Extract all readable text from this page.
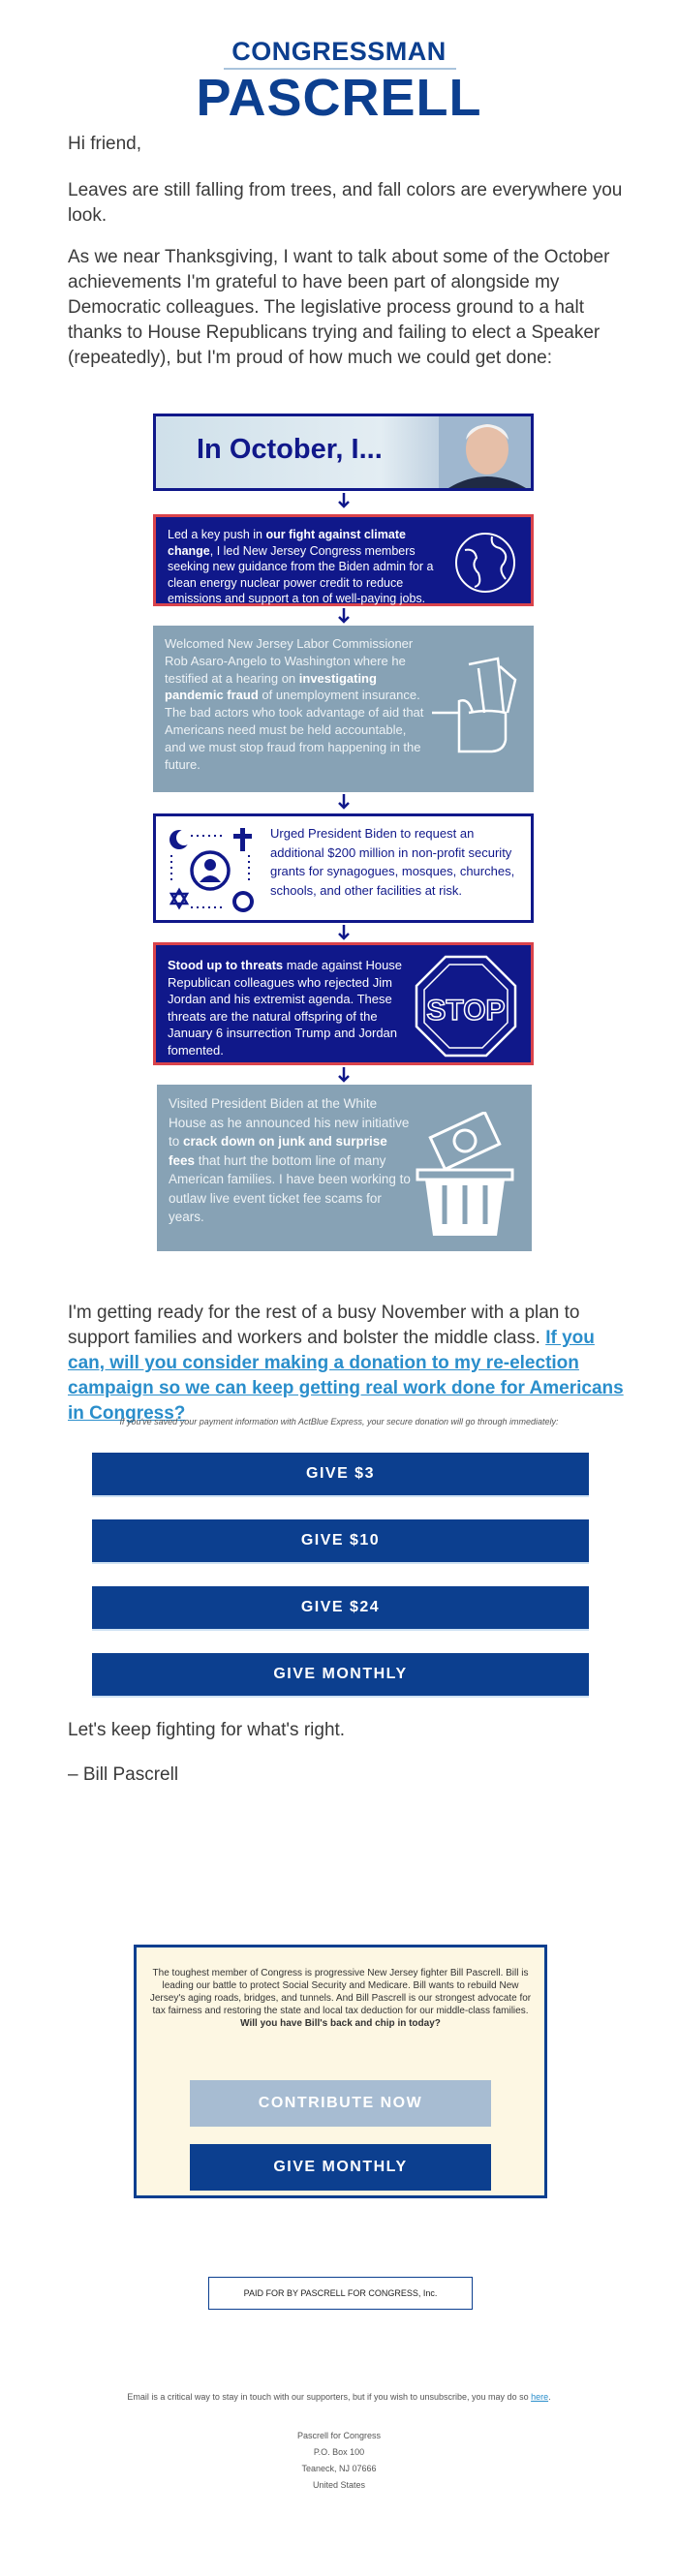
CONGRESSMAN
PASCRELL
Hi friend,
Leaves are still falling from trees, and fall colors are everywhere you look.
As we near Thanksgiving, I want to talk about some of the October achievements I'm grateful to have been part of alongside my Democratic colleagues. The legislative process ground to a halt thanks to House Republicans trying and failing to elect a Speaker (repeatedly), but I'm proud of how much we could get done:
In October, I...
Led a key push in our fight against climate change, I led New Jersey Congress members seeking new guidance from the Biden admin for a clean energy nuclear power credit to reduce emissions and support a ton of well-paying jobs.
Welcomed New Jersey Labor Commissioner Rob Asaro-Angelo to Washington where he testified at a hearing on investigating pandemic fraud of unemployment insurance. The bad actors who took advantage of aid that Americans need must be held accountable, and we must stop fraud from happening in the future.
Urged President Biden to request an additional $200 million in non-profit security grants for synagogues, mosques, churches, schools, and other facilities at risk.
Stood up to threats made against House Republican colleagues who rejected Jim Jordan and his extremist agenda. These threats are the natural offspring of the January 6 insurrection Trump and Jordan fomented.
STOP
Visited President Biden at the White House as he announced his new initiative to crack down on junk and surprise fees that hurt the bottom line of many American families. I have been working to outlaw live event ticket fee scams for years.
I'm getting ready for the rest of a busy November with a plan to support families and workers and bolster the middle class. If you can, will you consider making a donation to my re-election campaign so we can keep getting real work done for Americans in Congress?
If you've saved your payment information with ActBlue Express, your secure donation will go through immediately:
GIVE $3
GIVE $10
GIVE $24
GIVE MONTHLY
Let's keep fighting for what's right.
– Bill Pascrell
The toughest member of Congress is progressive New Jersey fighter Bill Pascrell. Bill is leading our battle to protect Social Security and Medicare. Bill wants to rebuild New Jersey's aging roads, bridges, and tunnels. And Bill Pascrell is our strongest advocate for tax fairness and restoring the state and local tax deduction for our middle-class families.
Will you have Bill's back and chip in today?
CONTRIBUTE NOW
GIVE MONTHLY
PAID FOR BY PASCRELL FOR CONGRESS, Inc.
Email is a critical way to stay in touch with our supporters, but if you wish to unsubscribe, you may do so here.
Pascrell for Congress
P.O. Box 100
Teaneck, NJ 07666
United States
